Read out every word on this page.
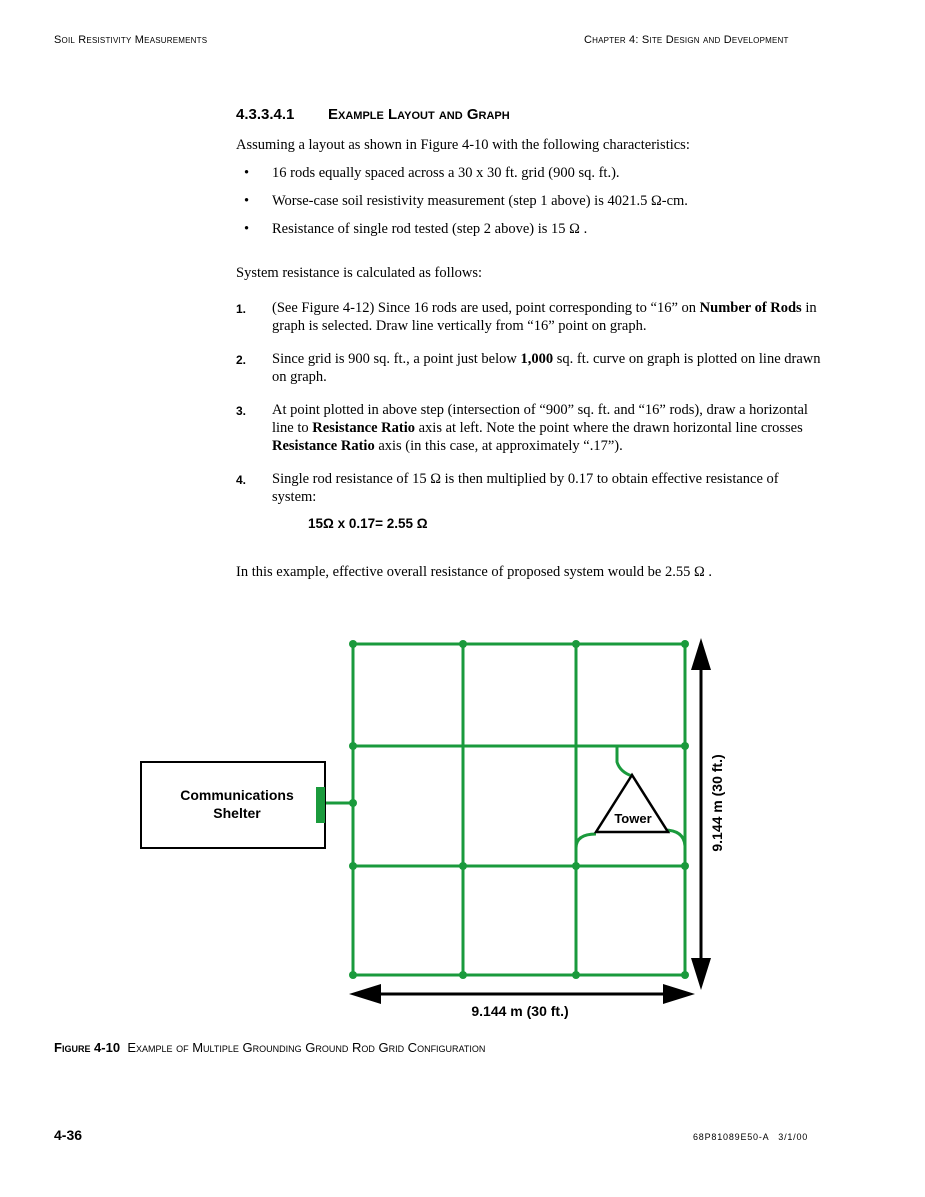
Soil Resistivity Measurements	Chapter 4: Site Design and Development
4.3.3.4.1 Example Layout and Graph

Assuming a layout as shown in Figure 4-10 with the following characteristics:

• 16 rods equally spaced across a 30 x 30 ft. grid (900 sq. ft.).
• Worse-case soil resistivity measurement (step 1 above) is 4021.5 Ω-cm.
• Resistance of single rod tested (step 2 above) is 15 Ω .

System resistance is calculated as follows:

1. (See Figure 4-12) Since 16 rods are used, point corresponding to “16” on Number of Rods in graph is selected. Draw line vertically from “16” point on graph.
2. Since grid is 900 sq. ft., a point just below 1,000 sq. ft. curve on graph is plotted on line drawn on graph.
3. At point plotted in above step (intersection of “900” sq. ft. and “16” rods), draw a horizontal line to Resistance Ratio axis at left. Note the point where the drawn horizontal line crosses Resistance Ratio axis (in this case, at approximately “.17”).
4. Single rod resistance of 15 Ω is then multiplied by 0.17 to obtain effective resistance of system:
15Ω x 0.17= 2.55 Ω

In this example, effective overall resistance of proposed system would be 2.55 Ω .

Communications
Shelter	Tower	9.144 m (30 ft.)
9.144 m (30 ft.)
Figure 4-10 Example of Multiple Grounding Ground Rod Grid Configuration
4-36	68P81089E50-A 3/1/00
